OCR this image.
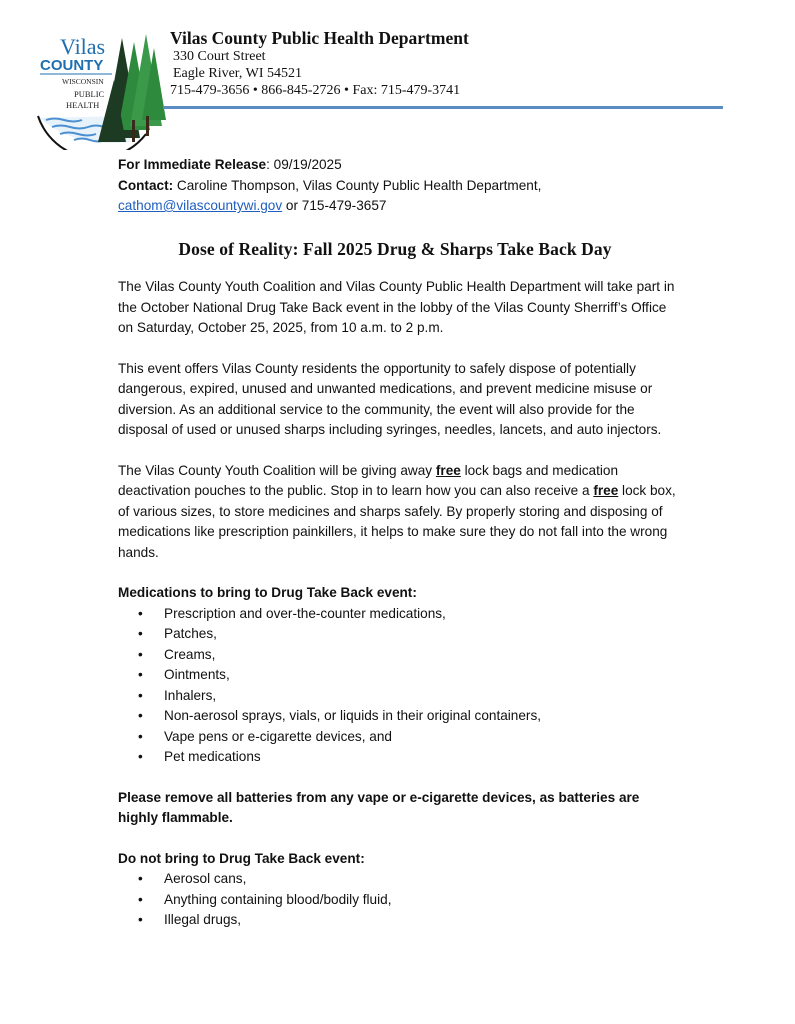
Vilas
COUNTY
WISCONSIN
PUBLIC
HEALTH

Vilas County Public Health Department

330 Court Street

Eagle River, WI 54521

715-479-3656 • 866-845-2726 • Fax: 715-479-3741

For Immediate Release: 09/19/2025

Contact: Caroline Thompson, Vilas County Public Health Department,

cathom@vilascountywi.gov or 715-479-3657

Dose of Reality: Fall 2025 Drug & Sharps Take Back Day

The Vilas County Youth Coalition and Vilas County Public Health Department will take part in the October National Drug Take Back event in the lobby of the Vilas County Sherriff’s Office on Saturday, October 25, 2025, from 10 a.m. to 2 p.m.

This event offers Vilas County residents the opportunity to safely dispose of potentially dangerous, expired, unused and unwanted medications, and prevent medicine misuse or diversion. As an additional service to the community, the event will also provide for the disposal of used or unused sharps including syringes, needles, lancets, and auto injectors.

The Vilas County Youth Coalition will be giving away free lock bags and medication deactivation pouches to the public. Stop in to learn how you can also receive a free lock box, of various sizes, to store medicines and sharps safely. By properly storing and disposing of medications like prescription painkillers, it helps to make sure they do not fall into the wrong hands.

Medications to bring to Drug Take Back event:

• Prescription and over-the-counter medications,
• Patches,
• Creams,
• Ointments,
• Inhalers,
• Non-aerosol sprays, vials, or liquids in their original containers,
• Vape pens or e-cigarette devices, and
• Pet medications

Please remove all batteries from any vape or e-cigarette devices, as batteries are highly flammable.

Do not bring to Drug Take Back event:

• Aerosol cans,
• Anything containing blood/bodily fluid,
• Illegal drugs,
